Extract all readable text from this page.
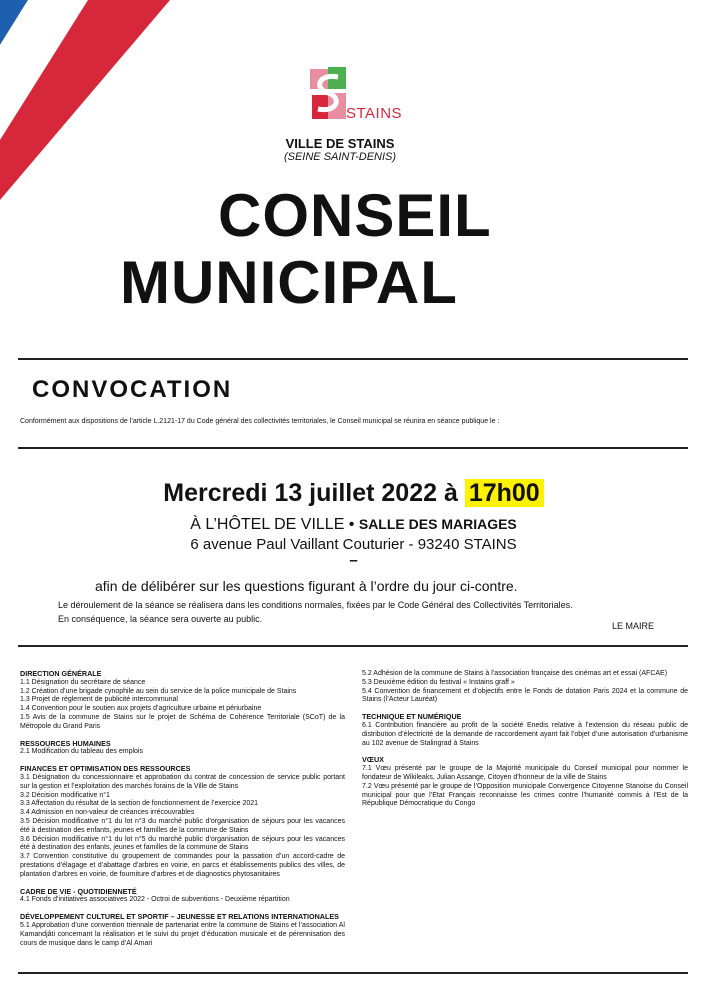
STAINS
VILLE DE STAINS
(SEINE SAINT-DENIS)
CONSEIL
MUNICIPAL
CONVOCATION
Conformément aux dispositions de l’article L.2121-17 du Code général des collectivités territoriales, le Conseil municipal se réunira en séance publique le :
Mercredi 13 juillet 2022 à 17h00
À L’HÔTEL DE VILLE • SALLE DES MARIAGES
6 avenue Paul Vaillant Couturier - 93240 STAINS
–
afin de délibérer sur les questions figurant à l’ordre du jour ci-contre.
Le déroulement de la séance se réalisera dans les conditions normales, fixées par le Code Général des Collectivités Territoriales.
En conséquence, la séance sera ouverte au public.
LE MAIRE
DIRECTION GÉNÉRALE

1.1 Désignation du secrétaire de séance

1.2 Création d’une brigade cynophile au sein du service de la police municipale de Stains

1.3 Projet de règlement de publicité intercommunal

1.4 Convention pour le soutien aux projets d’agriculture urbaine et périurbaine

1.5 Avis de la commune de Stains sur le projet de Schéma de Cohérence Territoriale (SCoT) de la Métropole du Grand Paris

RESSOURCES HUMAINES

2.1 Modification du tableau des emplois

FINANCES ET OPTIMISATION DES RESSOURCES

3.1 Désignation du concessionnaire et approbation du contrat de concession de service public portant sur la gestion et l’exploitation des marchés forains de la Ville de Stains

3.2 Décision modificative n°1

3.3 Affectation du résultat de la section de fonctionnement de l’exercice 2021

3.4 Admission en non-valeur de créances irrécouvrables

3.5 Décision modificative n°1 du lot n°3 du marché public d’organisation de séjours pour les vacances été à destination des enfants, jeunes et familles de la commune de Stains

3.6 Décision modificative n°1 du lot n°5 du marché public d’organisation de séjours pour les vacances été à destination des enfants, jeunes et familles de la commune de Stains

3.7 Convention constitutive du groupement de commandes pour la passation d’un accord-cadre de prestations d’élagage et d’abattage d’arbres en voirie, en parcs et établissements publics des villes, de plantation d’arbres en voirie, de fourniture d’arbres et de diagnostics phytosanitaires

CADRE DE VIE - QUOTIDIENNETÉ

4.1 Fonds d’initiatives associatives 2022 - Octroi de subventions - Deuxième répartition

DÉVELOPPEMENT CULTUREL ET SPORTIF – JEUNESSE ET RELATIONS INTERNATIONALES

5.1 Approbation d’une convention triennale de partenariat entre la commune de Stains et l’association Al Kamandjâti concernant la réalisation et le suivi du projet d’éducation musicale et de pérennisation des cours de musique dans le camp d’Al Amari

5.2 Adhésion de la commune de Stains à l’association française des cinémas art et essai (AFCAE)

5.3 Deuxième édition du festival « Instains graff »

5.4 Convention de financement et d’objectifs entre le Fonds de dotation Paris 2024 et la commune de Stains (l’Acteur Lauréat)

TECHNIQUE ET NUMÉRIQUE

6.1 Contribution financière au profit de la société Enedis relative à l’extension du réseau public de distribution d’électricité de la demande de raccordement ayant fait l’objet d’une autorisation d’urbanisme au 102 avenue de Stalingrad à Stains

VŒUX

7.1 Vœu présenté par le groupe de la Majorité municipale du Conseil municipal pour nommer le fondateur de Wikileaks, Julian Assange, Citoyen d’honneur de la ville de Stains

7.2 Vœu présenté par le groupe de l’Opposition municipale Convergence Citoyenne Stanoise du Conseil municipal pour que l’Etat Français reconnaisse les crimes contre l’humanité commis à l’Est de la République Démocratique du Congo
